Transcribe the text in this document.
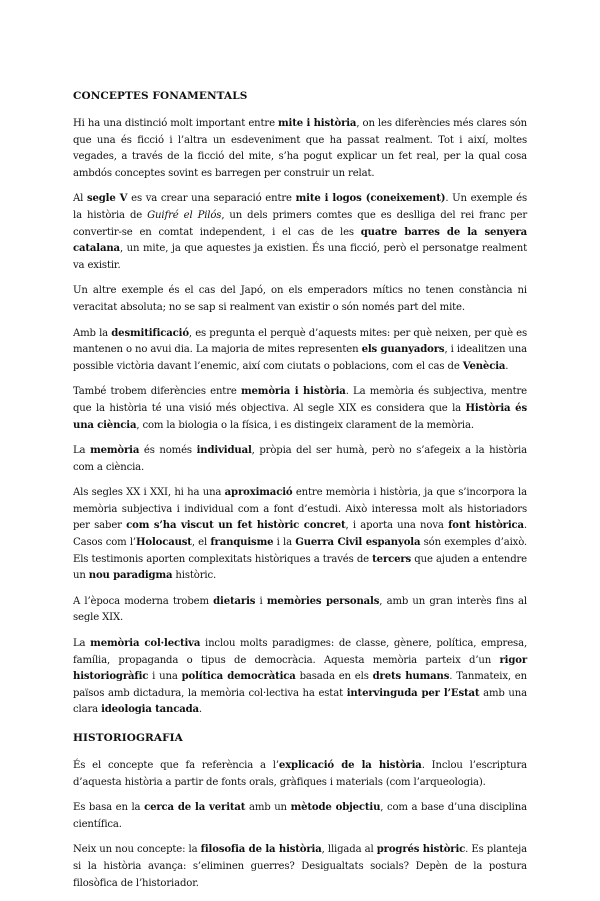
CONCEPTES FONAMENTALS

Hi ha una distinció molt important entre mite i història, on les diferències més clares són que una és ficció i l’altra un esdeveniment que ha passat realment. Tot i així, moltes vegades, a través de la ficció del mite, s’ha pogut explicar un fet real, per la qual cosa ambdós conceptes sovint es barregen per construir un relat.

Al segle V es va crear una separació entre mite i logos (coneixement). Un exemple és la història de Guifré el Pilós, un dels primers comtes que es deslliga del rei franc per convertir-se en comtat independent, i el cas de les quatre barres de la senyera catalana, un mite, ja que aquestes ja existien. És una ficció, però el personatge realment va existir.

Un altre exemple és el cas del Japó, on els emperadors mítics no tenen constància ni veracitat absoluta; no se sap si realment van existir o són només part del mite.

Amb la desmitificació, es pregunta el perquè d’aquests mites: per què neixen, per què es mantenen o no avui dia. La majoria de mites representen els guanyadors, i idealitzen una possible victòria davant l’enemic, així com ciutats o poblacions, com el cas de Venècia.

També trobem diferències entre memòria i història. La memòria és subjectiva, mentre que la història té una visió més objectiva. Al segle XIX es considera que la Història és una ciència, com la biologia o la física, i es distingeix clarament de la memòria.

La memòria és només individual, pròpia del ser humà, però no s’afegeix a la història com a ciència.

Als segles XX i XXI, hi ha una aproximació entre memòria i història, ja que s’incorpora la memòria subjectiva i individual com a font d’estudi. Això interessa molt als historiadors per saber com s’ha viscut un fet històric concret, i aporta una nova font històrica. Casos com l’Holocaust, el franquisme i la Guerra Civil espanyola són exemples d’això. Els testimonis aporten complexitats històriques a través de tercers que ajuden a entendre un nou paradigma històric.

A l’època moderna trobem dietaris i memòries personals, amb un gran interès fins al segle XIX.

La memòria col·lectiva inclou molts paradigmes: de classe, gènere, política, empresa, família, propaganda o tipus de democràcia. Aquesta memòria parteix d’un rigor historiogràfic i una política democràtica basada en els drets humans. Tanmateix, en països amb dictadura, la memòria col·lectiva ha estat intervinguda per l’Estat amb una clara ideologia tancada.

HISTORIOGRAFIA

És el concepte que fa referència a l’explicació de la història. Inclou l’escriptura d’aquesta història a partir de fonts orals, gràfiques i materials (com l’arqueologia).

Es basa en la cerca de la veritat amb un mètode objectiu, com a base d’una disciplina científica.

Neix un nou concepte: la filosofia de la història, lligada al progrés històric. Es planteja si la història avança: s’eliminen guerres? Desigualtats socials? Depèn de la postura filosòfica de l’historiador.
